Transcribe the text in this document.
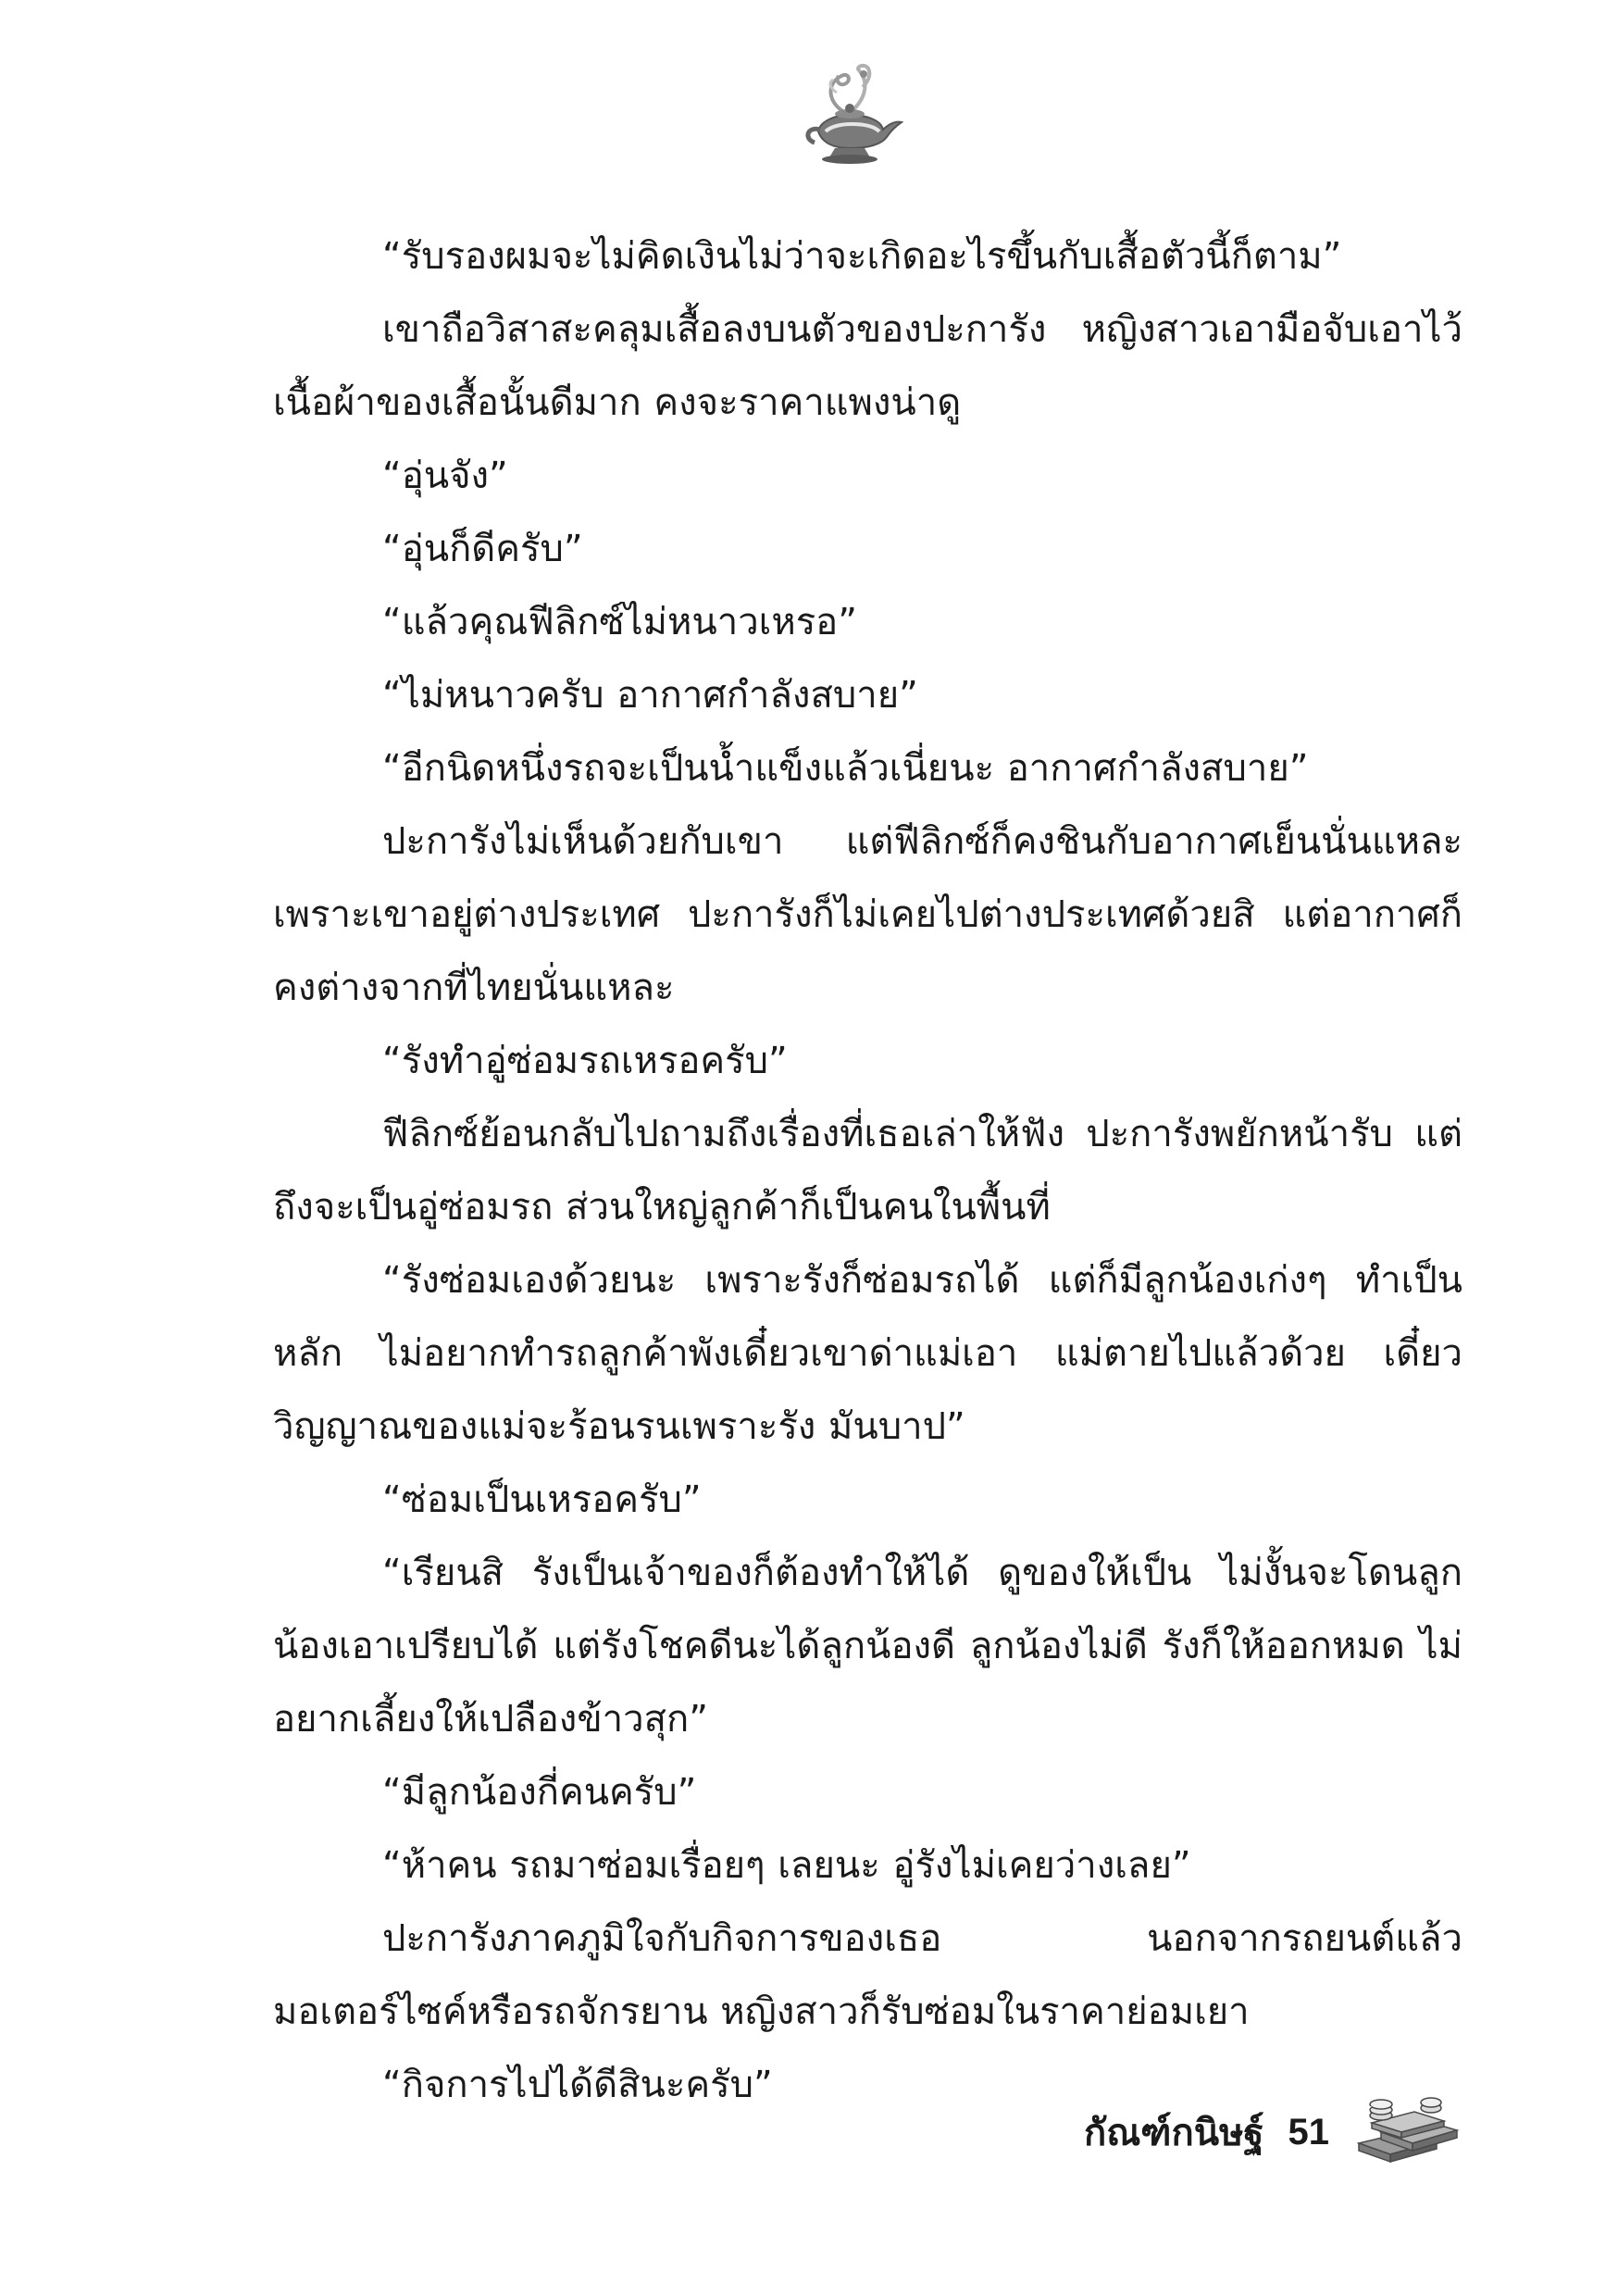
“รับรองผมจะไม่คิดเงินไม่ว่าจะเกิดอะไรขึ้นกับเสื้อตัวนี้ก็ตาม”

เขาถือวิสาสะคลุมเสื้อลงบนตัวของปะการัง หญิงสาวเอามือจับเอาไว้ เนื้อผ้าของเสื้อนั้นดีมาก คงจะราคาแพงน่าดู

“อุ่นจัง”

“อุ่นก็ดีครับ”

“แล้วคุณฟีลิกซ์ไม่หนาวเหรอ”

“ไม่หนาวครับ อากาศกำลังสบาย”

“อีกนิดหนึ่งรถจะเป็นน้ำแข็งแล้วเนี่ยนะ อากาศกำลังสบาย”

ปะการังไม่เห็นด้วยกับเขา แต่ฟีลิกซ์ก็คงชินกับอากาศเย็นนั่นแหละ เพราะเขาอยู่ต่างประเทศ ปะการังก็ไม่เคยไปต่างประเทศด้วยสิ แต่อากาศก็คงต่างจากที่ไทยนั่นแหละ

“รังทำอู่ซ่อมรถเหรอครับ”

ฟีลิกซ์ย้อนกลับไปถามถึงเรื่องที่เธอเล่าให้ฟัง ปะการังพยักหน้ารับ แต่ถึงจะเป็นอู่ซ่อมรถ ส่วนใหญ่ลูกค้าก็เป็นคนในพื้นที่

“รังซ่อมเองด้วยนะ เพราะรังก็ซ่อมรถได้ แต่ก็มีลูกน้องเก่งๆ ทำเป็นหลัก ไม่อยากทำรถลูกค้าพังเดี๋ยวเขาด่าแม่เอา แม่ตายไปแล้วด้วย เดี๋ยววิญญาณของแม่จะร้อนรนเพราะรัง มันบาป”

“ซ่อมเป็นเหรอครับ”

“เรียนสิ รังเป็นเจ้าของก็ต้องทำให้ได้ ดูของให้เป็น ไม่งั้นจะโดนลูกน้องเอาเปรียบได้ แต่รังโชคดีนะได้ลูกน้องดี ลูกน้องไม่ดี รังก็ให้ออกหมด ไม่อยากเลี้ยงให้เปลืองข้าวสุก”

“มีลูกน้องกี่คนครับ”

“ห้าคน รถมาซ่อมเรื่อยๆ เลยนะ อู่รังไม่เคยว่างเลย”

ปะการังภาคภูมิใจกับกิจการของเธอ นอกจากรถยนต์แล้ว มอเตอร์ไซค์หรือรถจักรยาน หญิงสาวก็รับซ่อมในราคาย่อมเยา

“กิจการไปได้ดีสินะครับ”

กัณฑ์กนิษฐ์ 51
